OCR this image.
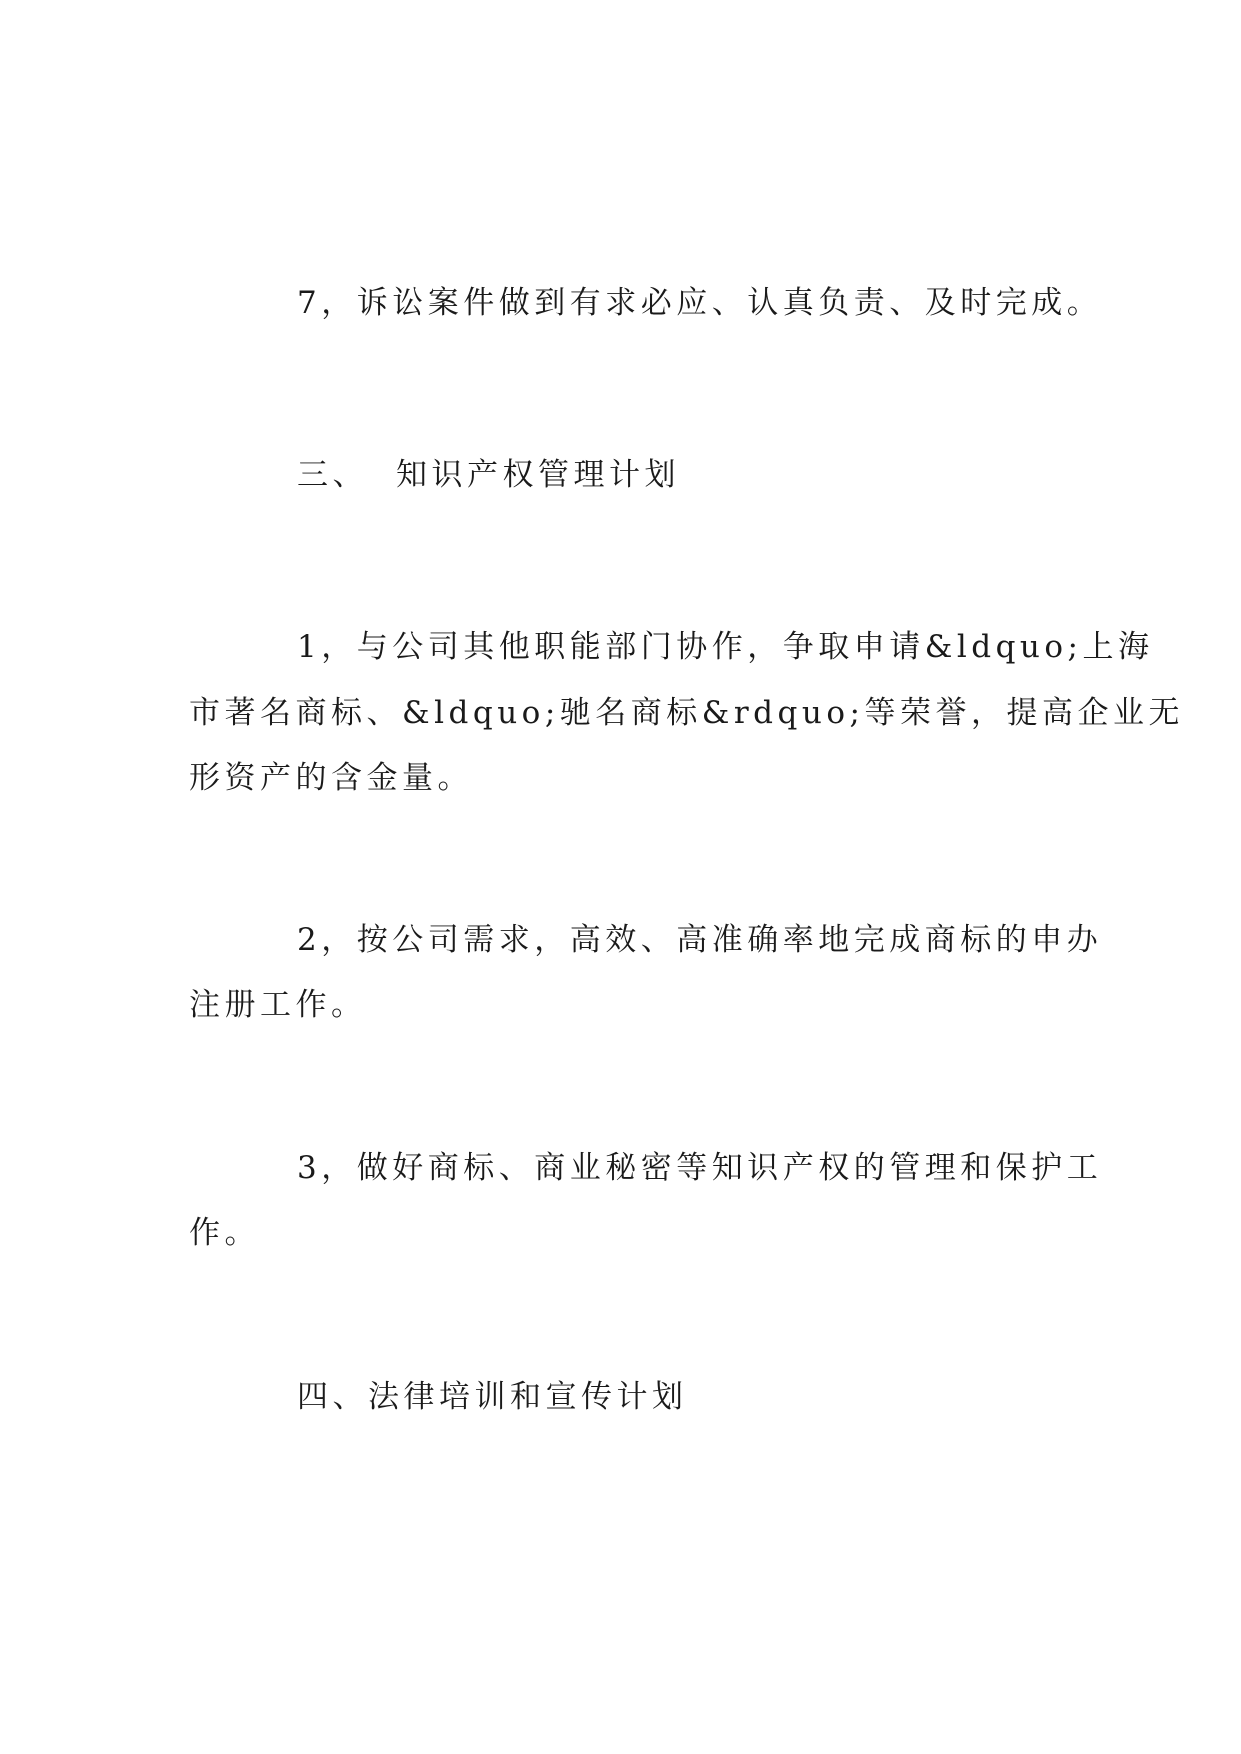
7，诉讼案件做到有求必应、认真负责、及时完成。
三、 知识产权管理计划
1，与公司其他职能部门协作，争取申请&ldquo;上海
市著名商标、&ldquo;驰名商标&rdquo;等荣誉，提高企业无
形资产的含金量。
2，按公司需求，高效、高准确率地完成商标的申办
注册工作。
3，做好商标、商业秘密等知识产权的管理和保护工
作。
四、法律培训和宣传计划
